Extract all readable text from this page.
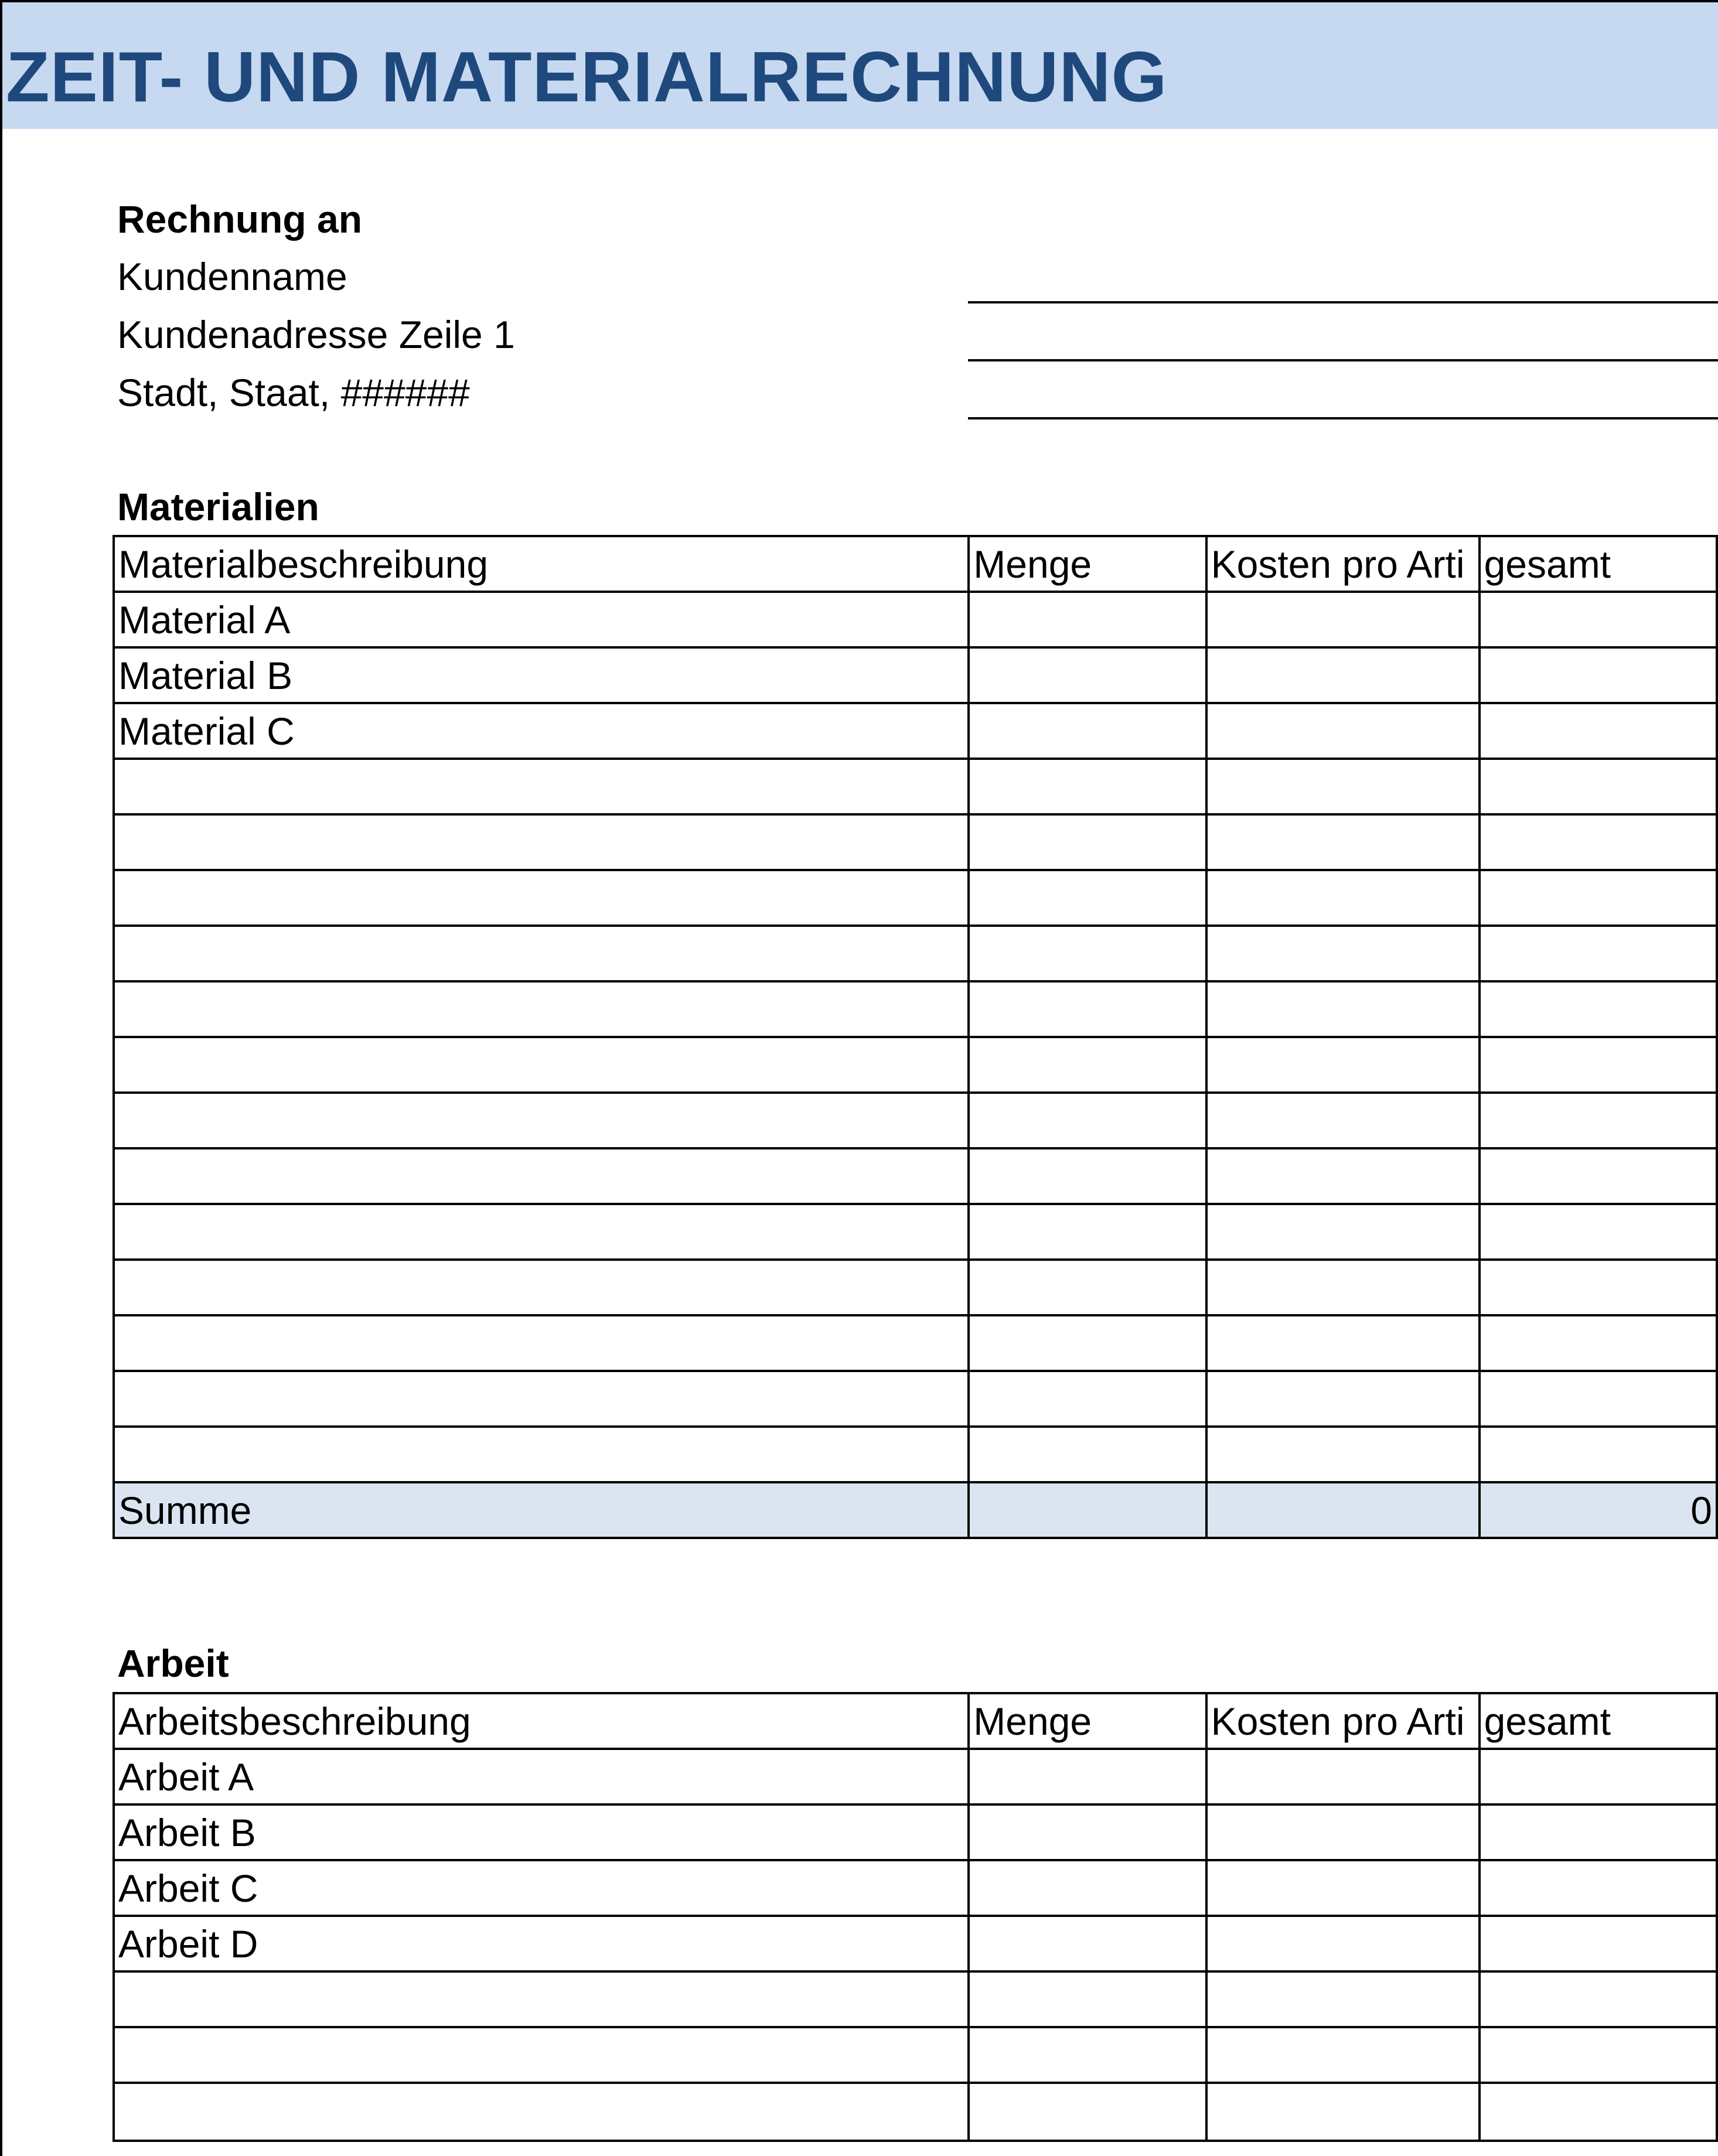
ZEIT- UND MATERIALRECHNUNG
Rechnung an
Kundenname
Kundenadresse Zeile 1
Stadt, Staat, ######
Materialien
Materialbeschreibung	Menge	Kosten pro Arti	gesamt
Material A			
Material B			
Material C			

Summe			0
Arbeit
Arbeitsbeschreibung	Menge	Kosten pro Arti	gesamt
Arbeit A			
Arbeit B			
Arbeit C			
Arbeit D			
